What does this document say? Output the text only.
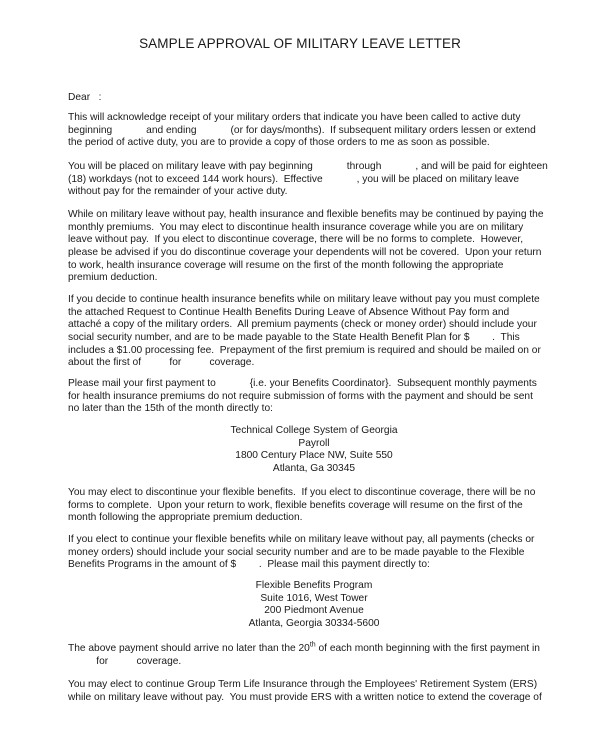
SAMPLE APPROVAL OF MILITARY LEAVE LETTER
Dear   :
This will acknowledge receipt of your military orders that indicate you have been called to active duty
beginning            and ending            (or for days/months).  If subsequent military orders lessen or extend
the period of active duty, you are to provide a copy of those orders to me as soon as possible.
You will be placed on military leave with pay beginning            through            , and will be paid for eighteen
(18) workdays (not to exceed 144 work hours).  Effective            , you will be placed on military leave
without pay for the remainder of your active duty.
While on military leave without pay, health insurance and flexible benefits may be continued by paying the
monthly premiums.  You may elect to discontinue health insurance coverage while you are on military
leave without pay.  If you elect to discontinue coverage, there will be no forms to complete.  However,
please be advised if you do discontinue coverage your dependents will not be covered.  Upon your return
to work, health insurance coverage will resume on the first of the month following the appropriate
premium deduction.
If you decide to continue health insurance benefits while on military leave without pay you must complete
the attached Request to Continue Health Benefits During Leave of Absence Without Pay form and
attaché a copy of the military orders.  All premium payments (check or money order) should include your
social security number, and are to be made payable to the State Health Benefit Plan for $        .  This
includes a $1.00 processing fee.  Prepayment of the first premium is required and should be mailed on or
about the first of          for          coverage.
Please mail your first payment to            {i.e. your Benefits Coordinator}.  Subsequent monthly payments
for health insurance premiums do not require submission of forms with the payment and should be sent
no later than the 15th of the month directly to:
Technical College System of Georgia
Payroll
1800 Century Place NW, Suite 550
Atlanta, Ga 30345
You may elect to discontinue your flexible benefits.  If you elect to discontinue coverage, there will be no
forms to complete.  Upon your return to work, flexible benefits coverage will resume on the first of the
month following the appropriate premium deduction.
If you elect to continue your flexible benefits while on military leave without pay, all payments (checks or
money orders) should include your social security number and are to be made payable to the Flexible
Benefits Programs in the amount of $        .  Please mail this payment directly to:
Flexible Benefits Program
Suite 1016, West Tower
200 Piedmont Avenue
Atlanta, Georgia 30334-5600
The above payment should arrive no later than the 20th of each month beginning with the first payment in
for          coverage.
You may elect to continue Group Term Life Insurance through the Employees' Retirement System (ERS)
while on military leave without pay.  You must provide ERS with a written notice to extend the coverage of
